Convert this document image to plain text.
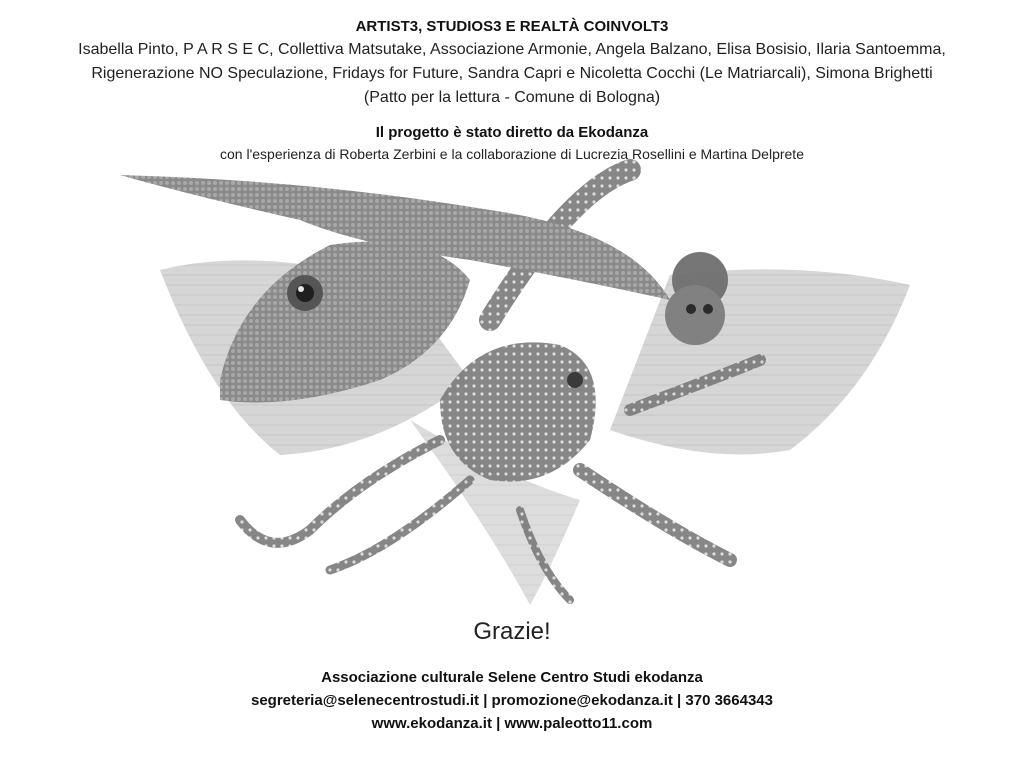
ARTIST3, STUDIOS3 E REALTÀ COINVOLT3
Isabella Pinto, P A R S E C, Collettiva Matsutake, Associazione Armonie, Angela Balzano, Elisa Bosisio, Ilaria Santoemma,
Rigenerazione NO Speculazione, Fridays for Future, Sandra Capri e Nicoletta Cocchi (Le Matriarcali), Simona Brighetti
(Patto per la lettura - Comune di Bologna)
Il progetto è stato diretto da Ekodanza
con l'esperienza di Roberta Zerbini e la collaborazione di Lucrezia Rosellini e Martina Delprete
Grazie!
Associazione culturale Selene Centro Studi ekodanza
segreteria@selenecentrostudi.it | promozione@ekodanza.it | 370 3664343
www.ekodanza.it | www.paleotto11.com
